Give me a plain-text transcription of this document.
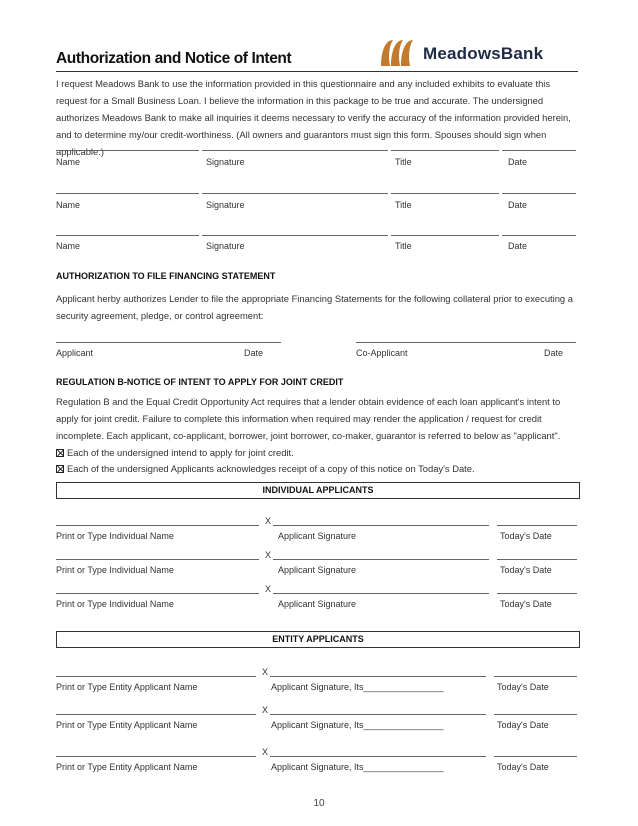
Authorization and Notice of Intent	MeadowsBank
I request Meadows Bank to use the information provided in this questionnaire and any included exhibits to evaluate this request for a Small Business Loan. I believe the information in this package to be true and accurate. The undersigned authorizes Meadows Bank to make all inquiries it deems necessary to verify the accuracy of the information provided herein, and to determine my/our credit-worthiness. (All owners and guarantors must sign this form. Spouses should sign when applicable.)
Name	Signature	Title	Date
Name	Signature	Title	Date
Name	Signature	Title	Date
AUTHORIZATION TO FILE FINANCING STATEMENT
Applicant herby authorizes Lender to file the appropriate Financing Statements for the following collateral prior to executing a security agreement, pledge, or control agreement:
Applicant	Date	Co-Applicant	Date
REGULATION B-NOTICE OF INTENT TO APPLY FOR JOINT CREDIT
Regulation B and the Equal Credit Opportunity Act requires that a lender obtain evidence of each loan applicant's intent to apply for joint credit. Failure to complete this information when required may render the application / request for credit incomplete. Each applicant, co-applicant, borrower, joint borrower, co-maker, guarantor is referred to below as "applicant".
Each of the undersigned intend to apply for joint credit.
Each of the undersigned Applicants acknowledges receipt of a copy of this notice on Today's Date.
INDIVIDUAL APPLICANTS
X
Print or Type Individual Name	Applicant Signature	Today's Date
X
Print or Type Individual Name	Applicant Signature	Today's Date
X
Print or Type Individual Name	Applicant Signature	Today's Date
ENTITY APPLICANTS
X
Print or Type Entity Applicant Name	Applicant Signature, Its________________	Today's Date
X
Print or Type Entity Applicant Name	Applicant Signature, Its________________	Today's Date
X
Print or Type Entity Applicant Name	Applicant Signature, Its________________	Today's Date
10
